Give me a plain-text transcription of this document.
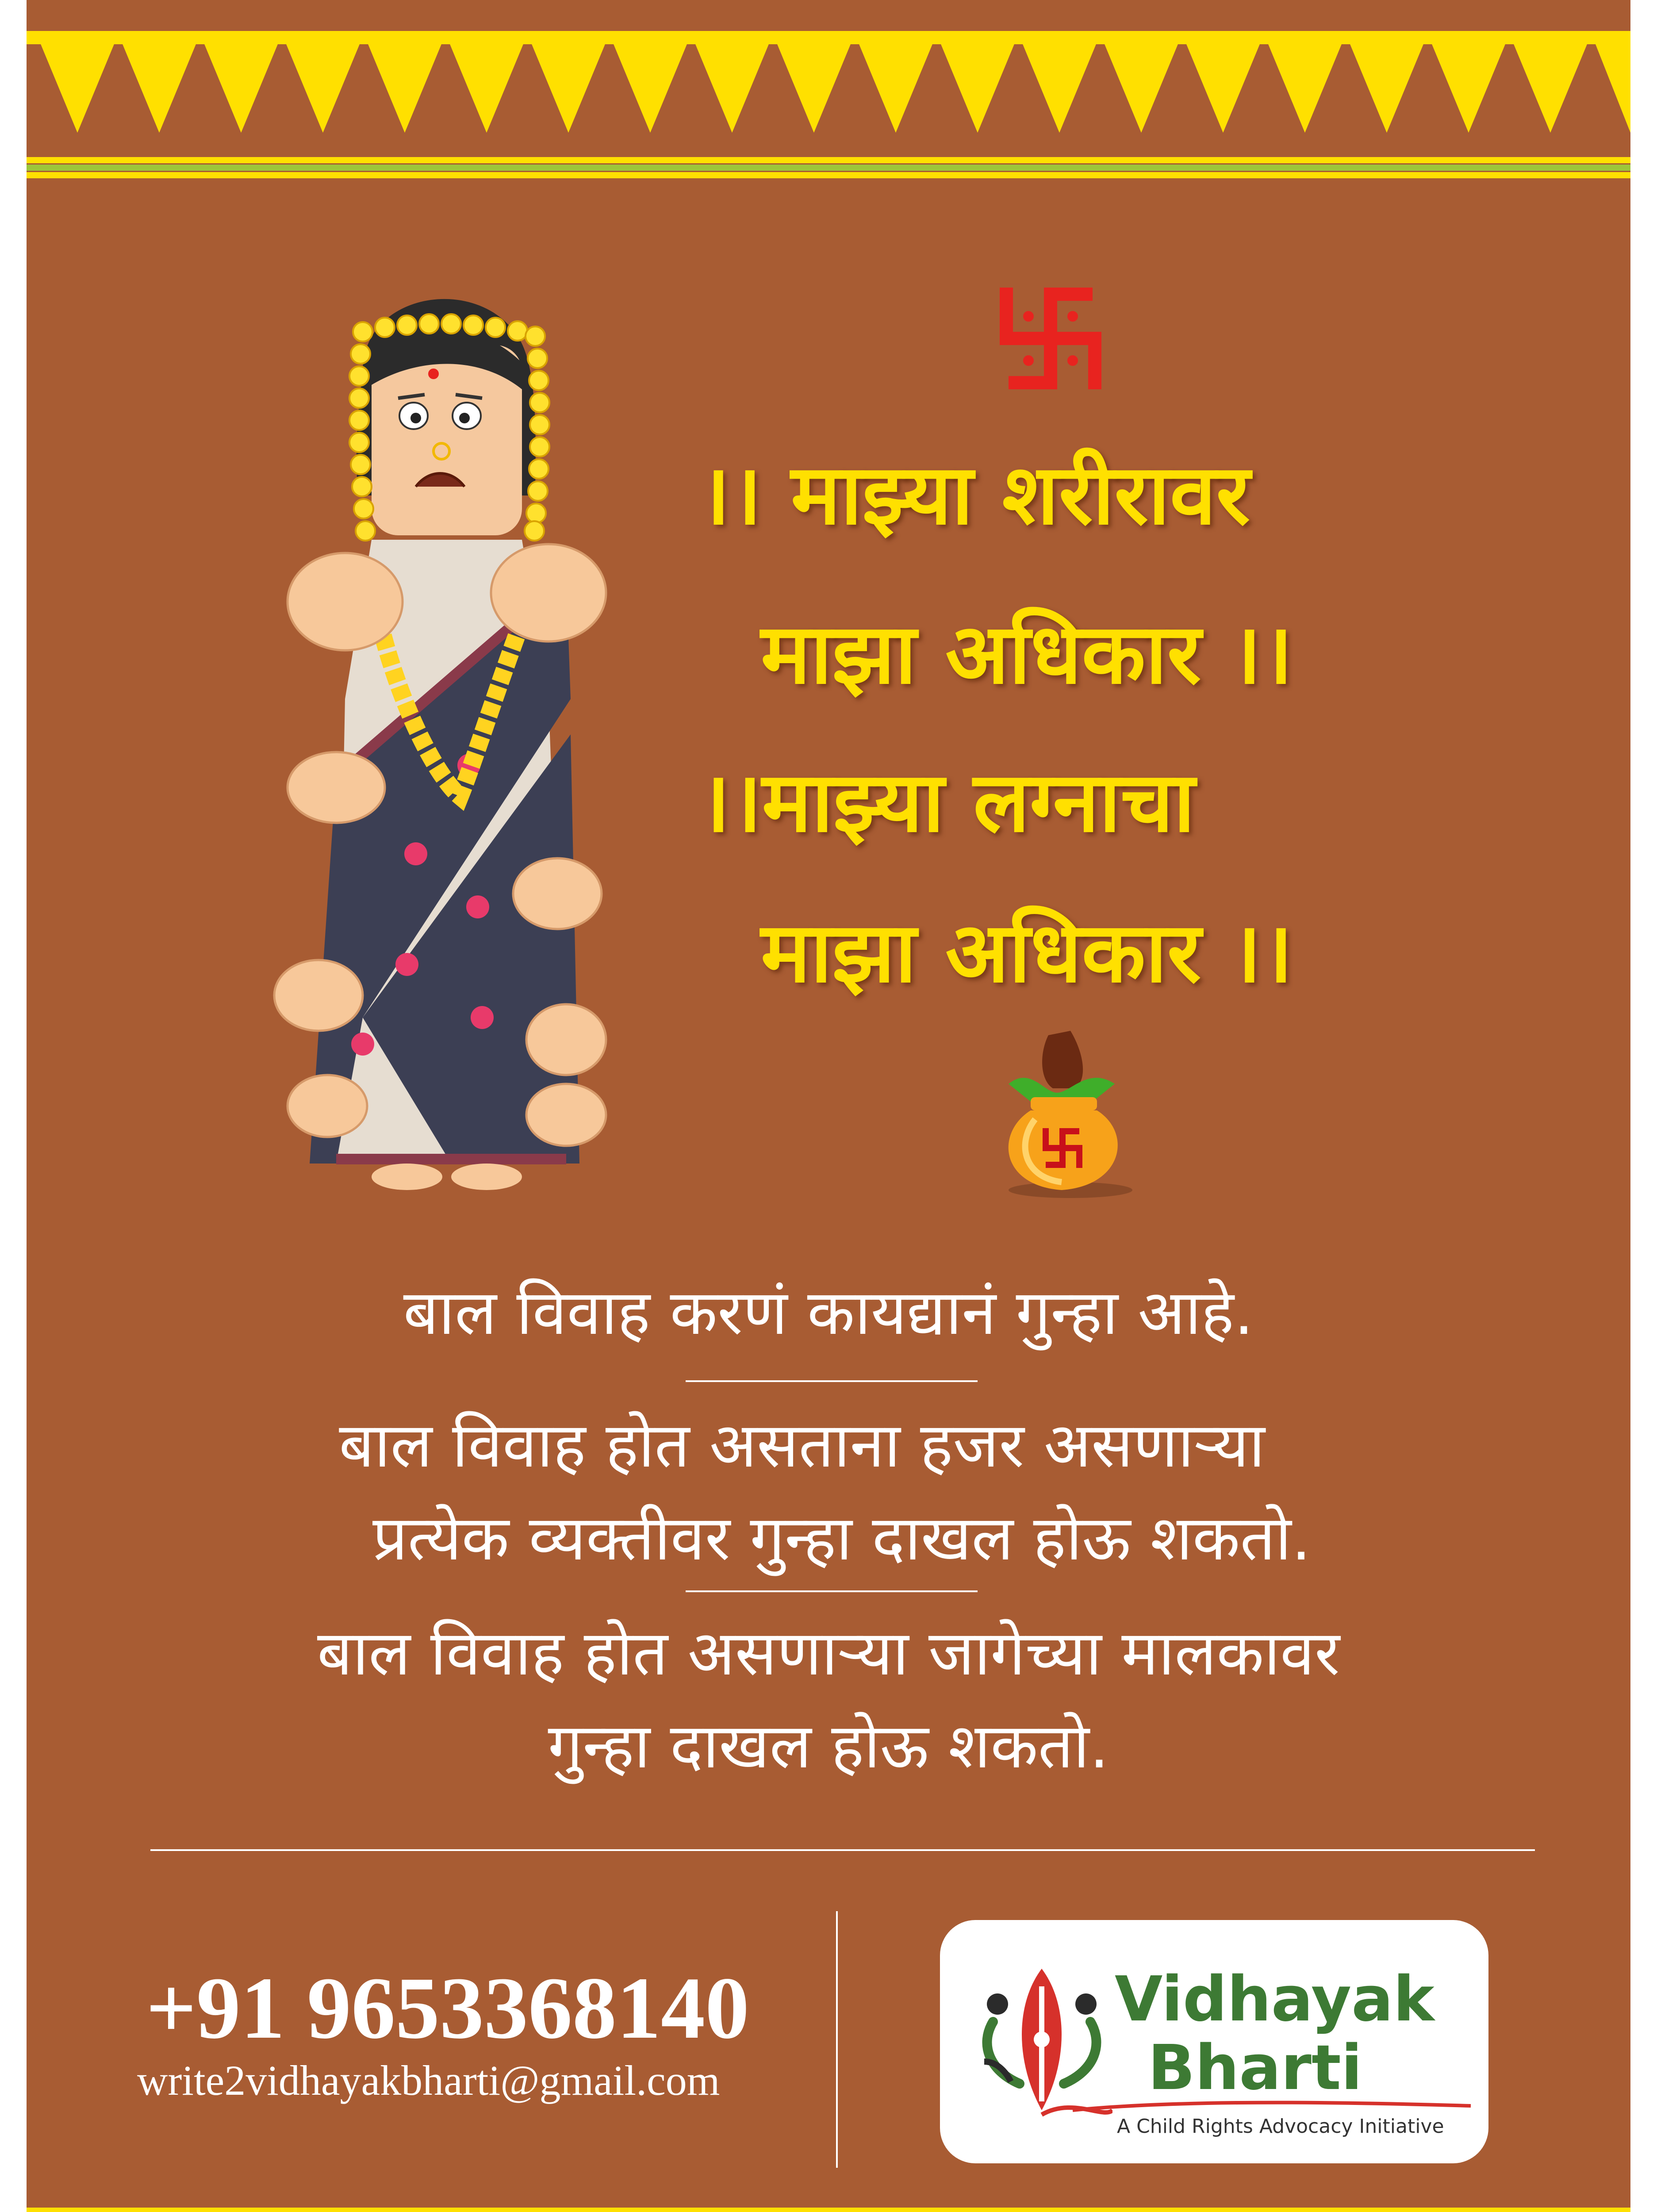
।। माझ्या शरीरावर
माझा अधिकार ।।
।।माझ्या लग्नाचा
माझा अधिकार ।।
बाल विवाह करणं कायद्यानं गुन्हा आहे.
बाल विवाह होत असताना हजर असणाऱ्या
प्रत्येक व्यक्तीवर गुन्हा दाखल होऊ शकतो.
बाल विवाह होत असणाऱ्या जागेच्या मालकावर
गुन्हा दाखल होऊ शकतो.
+91 9653368140
write2vidhayakbharti@gmail.com
Vidhayak
Bharti
A Child Rights Advocacy Initiative
